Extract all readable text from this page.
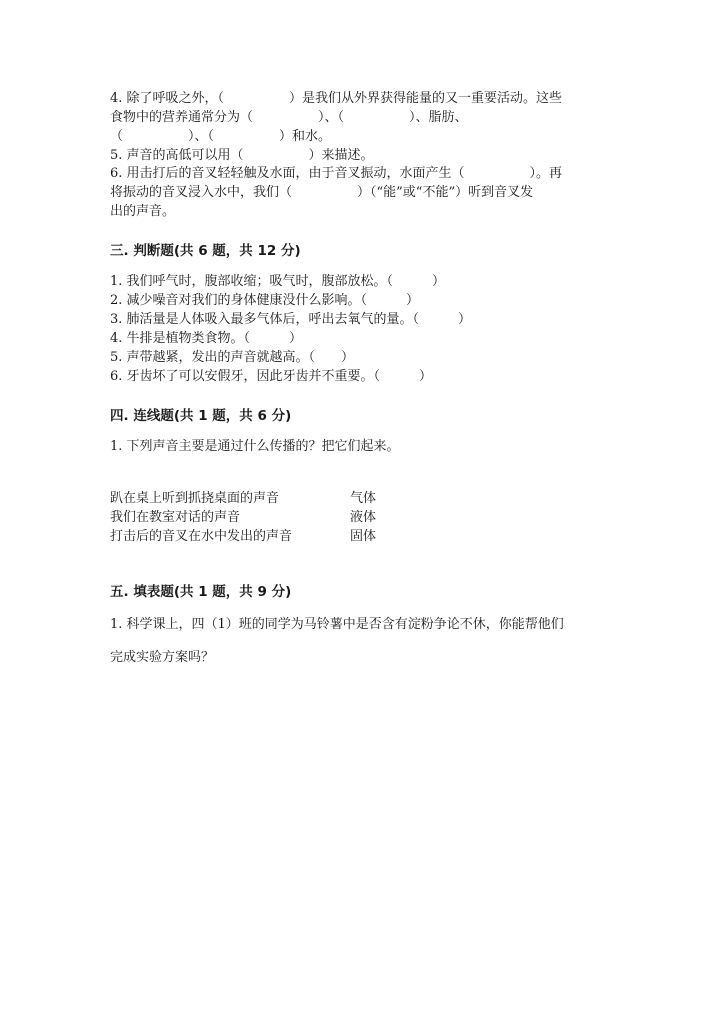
4. 除了呼吸之外，（　　　　　）是我们从外界获得能量的又一重要活动。这些
食物中的营养通常分为（　　　　　）、（　　　　　）、脂肪、
（　　　　　）、（　　　　　）和水。
5. 声音的高低可以用（　　　　　）来描述。
6. 用击打后的音叉轻轻触及水面，由于音叉振动，水面产生（　　　　　）。再
将振动的音叉浸入水中，我们（　　　　　）（“能”或“不能”）听到音叉发
出的声音。
三. 判断题(共 6 题，共 12 分)
1. 我们呼气时，腹部收缩；吸气时，腹部放松。（　　　）
2. 减少噪音对我们的身体健康没什么影响。（　　　）
3. 肺活量是人体吸入最多气体后，呼出去氧气的量。（　　　）
4. 牛排是植物类食物。（　　　）
5. 声带越紧，发出的声音就越高。（　　）
6. 牙齿坏了可以安假牙，因此牙齿并不重要。（　　　）
四. 连线题(共 1 题，共 6 分)
1. 下列声音主要是通过什么传播的？把它们起来。
趴在桌上听到抓挠桌面的声音
我们在教室对话的声音
打击后的音叉在水中发出的声音
气体
液体
固体
五. 填表题(共 1 题，共 9 分)
1. 科学课上，四（1）班的同学为马铃薯中是否含有淀粉争论不休，你能帮他们
完成实验方案吗？
